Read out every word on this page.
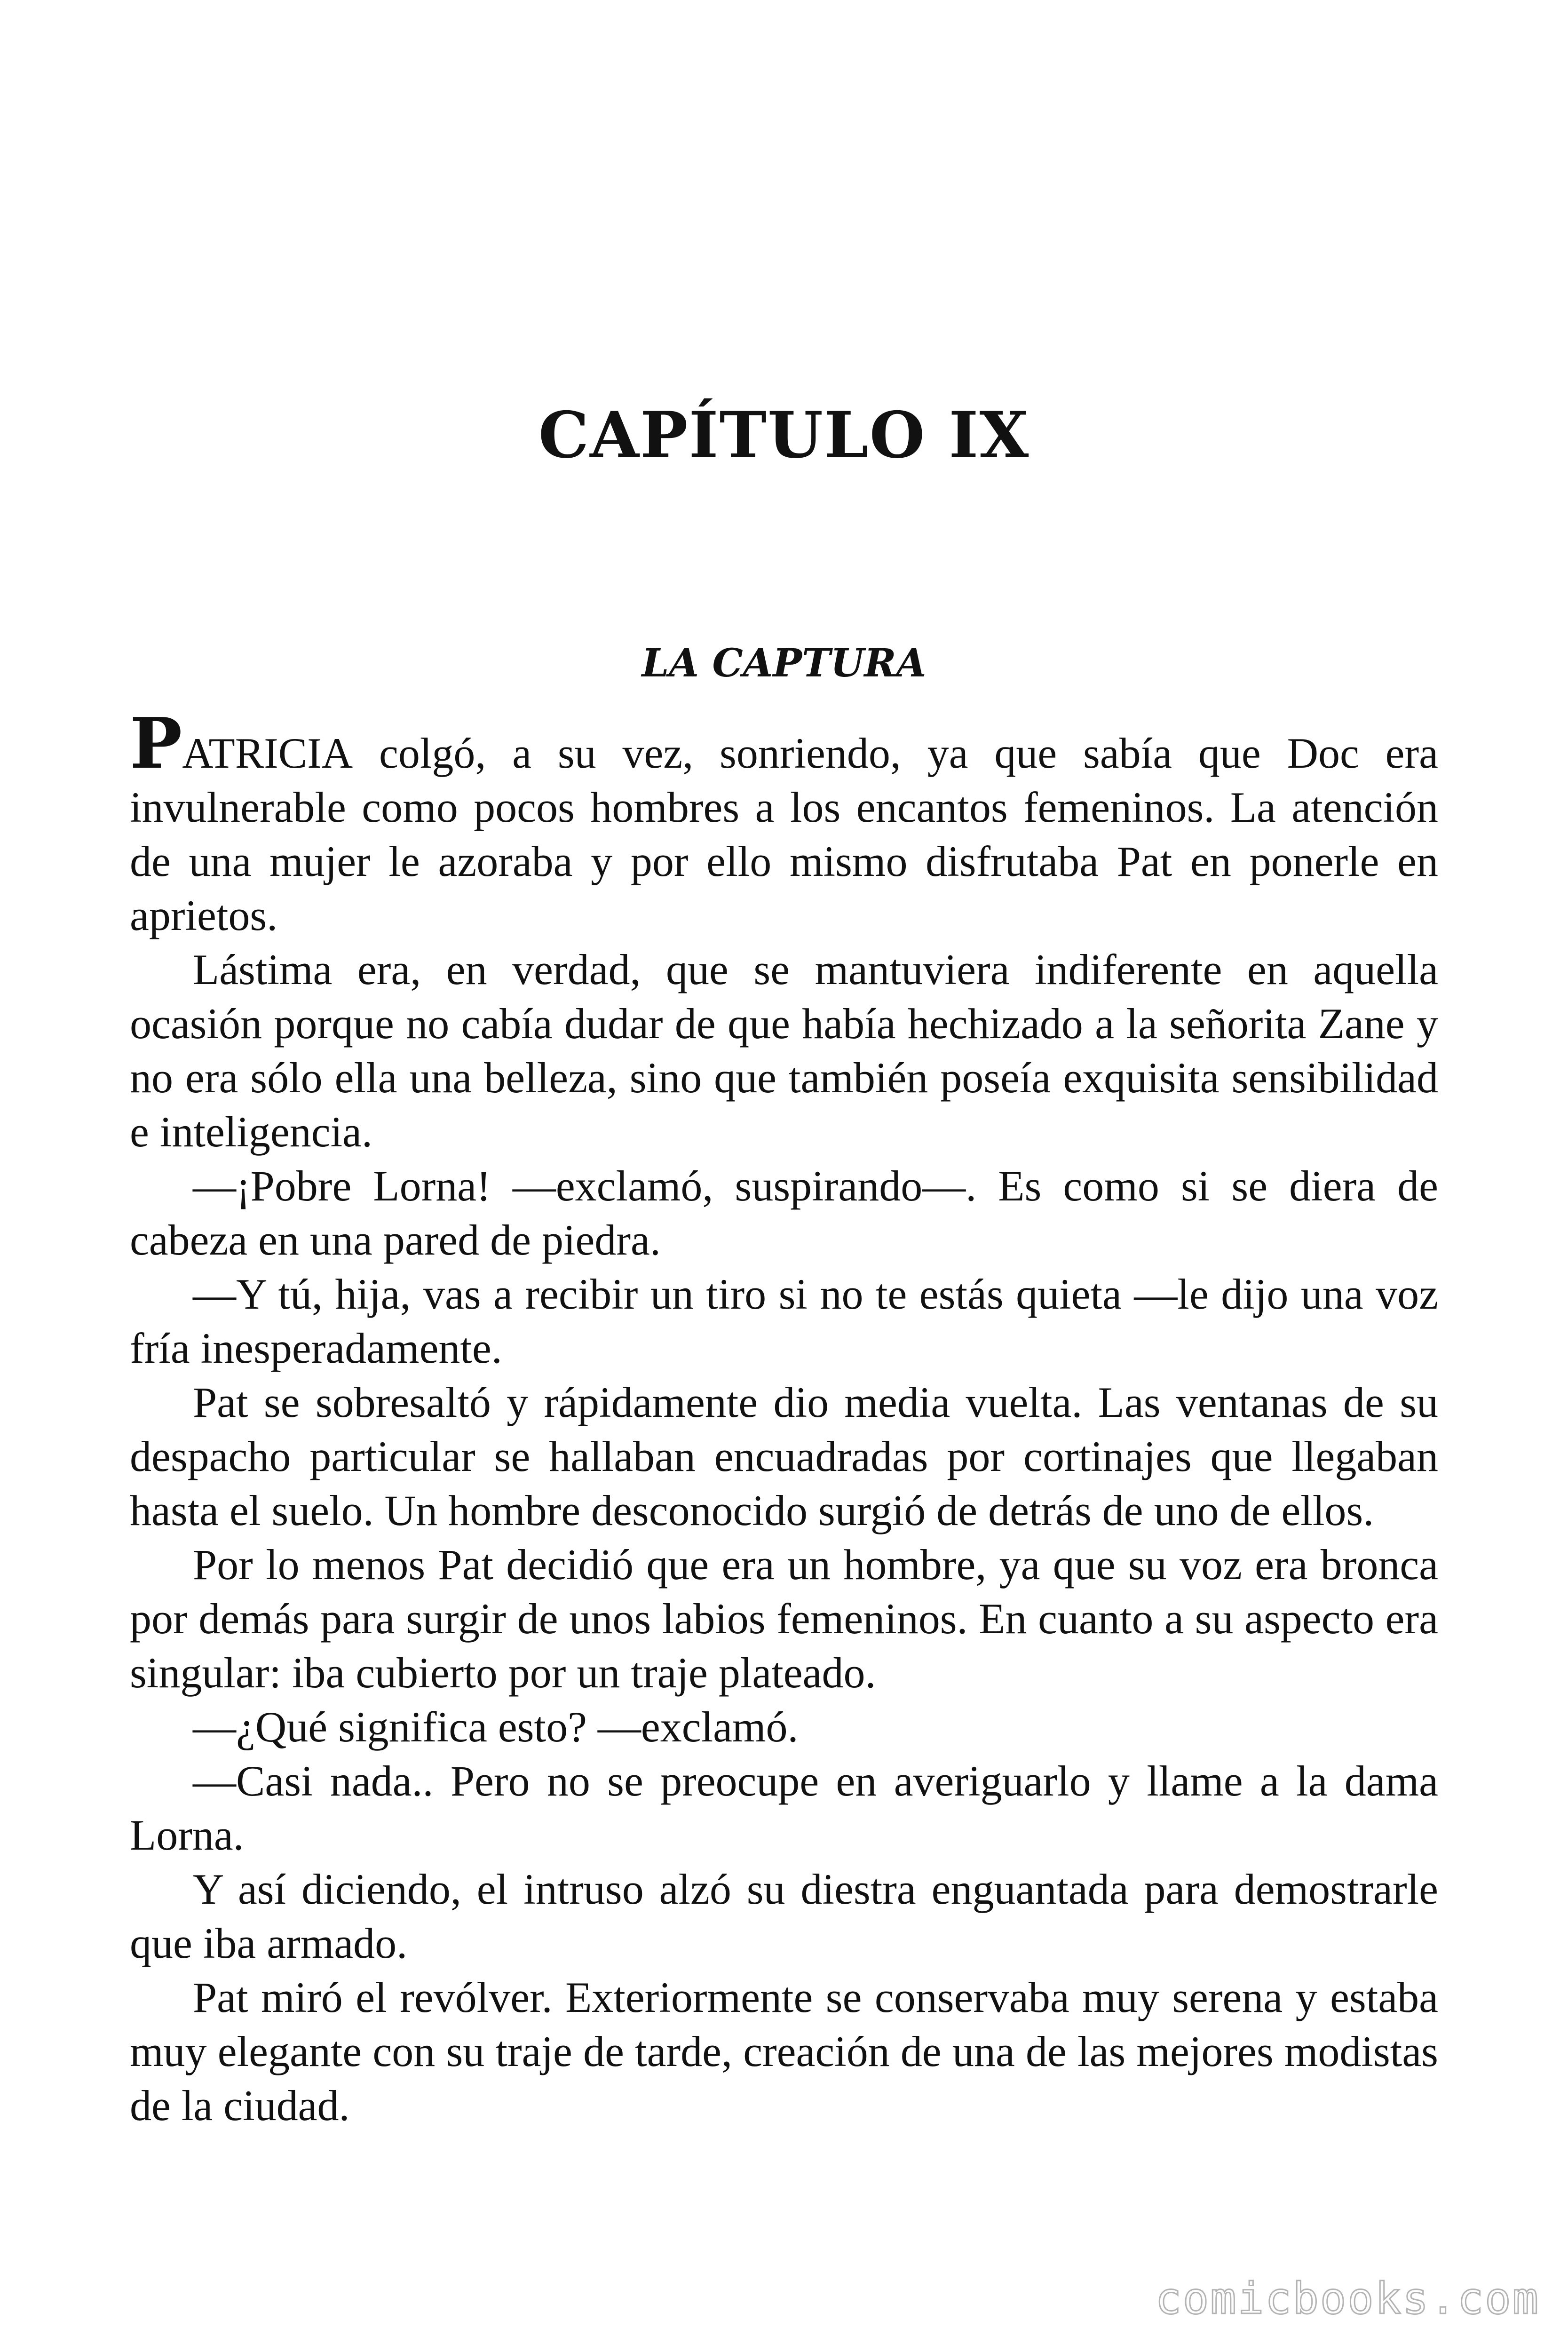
CAPÍTULO IX
LA CAPTURA

PATRICIA colgó, a su vez, sonriendo, ya que sabía que Doc era invulnerable como pocos hombres a los encantos femeninos. La atención de una mujer le azoraba y por ello mismo disfrutaba Pat en ponerle en aprietos.

Lástima era, en verdad, que se mantuviera indiferente en aquella ocasión porque no cabía dudar de que había hechizado a la señorita Zane y no era sólo ella una belleza, sino que también poseía exquisita sensibilidad e inteligencia.

—¡Pobre Lorna! —exclamó, suspirando—. Es como si se diera de cabeza en una pared de piedra.

—Y tú, hija, vas a recibir un tiro si no te estás quieta —le dijo una voz fría inesperadamente.

Pat se sobresaltó y rápidamente dio media vuelta. Las ventanas de su despacho particular se hallaban encuadradas por cortinajes que llegaban hasta el suelo. Un hombre desconocido surgió de detrás de uno de ellos.

Por lo menos Pat decidió que era un hombre, ya que su voz era bronca por demás para surgir de unos labios femeninos. En cuanto a su aspecto era singular: iba cubierto por un traje plateado.

—¿Qué significa esto? —exclamó.

—Casi nada.. Pero no se preocupe en averiguarlo y llame a la dama Lorna.

Y así diciendo, el intruso alzó su diestra enguantada para demostrarle que iba armado.

Pat miró el revólver. Exteriormente se conservaba muy serena y estaba muy elegante con su traje de tarde, creación de una de las mejores modistas de la ciudad.

comicbooks.com
